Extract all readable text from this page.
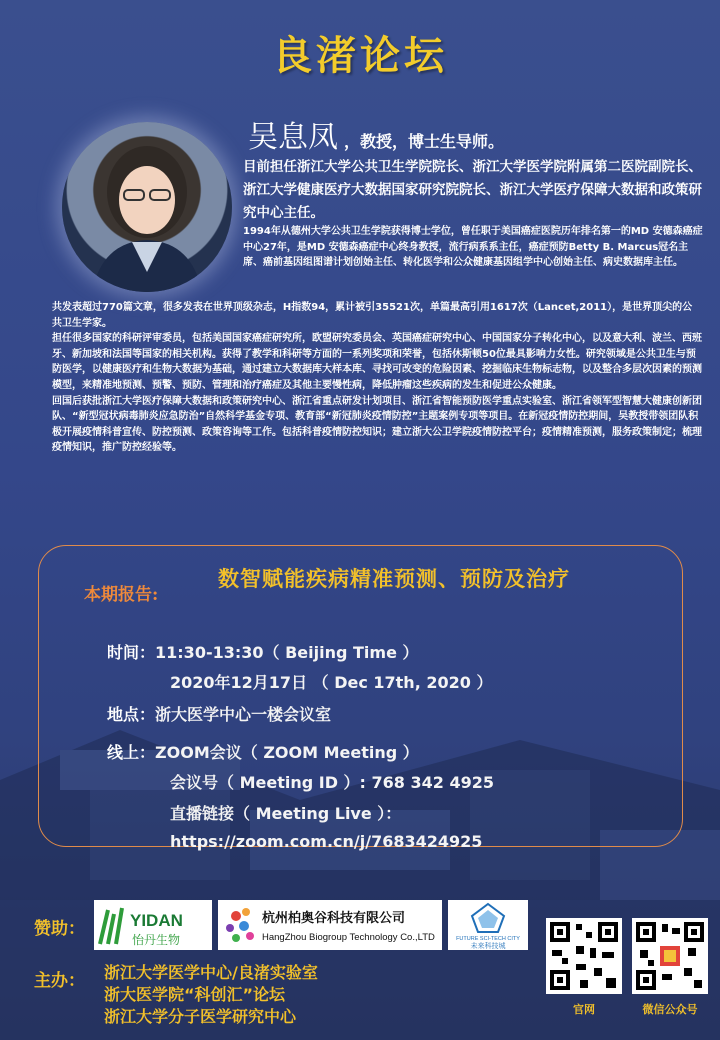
良渚论坛
吴息凤 ，教授，博士生导师。
目前担任浙江大学公共卫生学院院长、浙江大学医学院附属第二医院副院长、浙江大学健康医疗大数据国家研究院院长、浙江大学医疗保障大数据和政策研究中心主任。
1994年从德州大学公共卫生学院获得博士学位，曾任职于美国癌症医院历年排名第一的MD 安德森癌症中心27年，是MD 安德森癌症中心终身教授，流行病系系主任，癌症预防Betty B. Marcus冠名主席、癌前基因组图谱计划创始主任、转化医学和公众健康基因组学中心创始主任、病史数据库主任。

共发表超过770篇文章，很多发表在世界顶级杂志，H指数94，累计被引35521次，单篇最高引用1617次（Lancet,2011），是世界顶尖的公共卫生学家。

担任很多国家的科研评审委员，包括美国国家癌症研究所，欧盟研究委员会、英国癌症研究中心、中国国家分子转化中心，以及意大利、波兰、西班牙、新加坡和法国等国家的相关机构。获得了教学和科研等方面的一系列奖项和荣誉，包括休斯顿50位最具影响力女性。研究领域是公共卫生与预防医学，以健康医疗和生物大数据为基础，通过建立大数据库大样本库、寻找可改变的危险因素、挖掘临床生物标志物，以及整合多层次因素的预测模型，来精准地预测、预警、预防、管理和治疗癌症及其他主要慢性病，降低肿瘤这些疾病的发生和促进公众健康。

回国后获批浙江大学医疗保障大数据和政策研究中心、浙江省重点研发计划项目、浙江省智能预防医学重点实验室、浙江省领军型智慧大健康创新团队、“新型冠状病毒肺炎应急防治”自然科学基金专项、教育部“新冠肺炎疫情防控”主题案例专项等项目。在新冠疫情防控期间，吴教授带领团队积极开展疫情科普宣传、防控预测、政策咨询等工作。包括科普疫情防控知识；建立浙大公卫学院疫情防控平台；疫情精准预测，服务政策制定；梳理疫情知识，推广防控经验等。

本期报告:
数智赋能疾病精准预测、预防及治疗
时间：11:30-13:30（ Beijing Time ）
2020年12月17日 （ Dec 17th, 2020 ）
地点：浙大医学中心一楼会议室
线上：ZOOM会议（ ZOOM Meeting ）
会议号（ Meeting ID ）: 768 342 4925
直播链接（ Meeting Live ）：
https://zoom.com.cn/j/7683424925
赞助：	YIDAN
怡丹生物
杭州柏奥谷科技有限公司
HangZhou Biogroup Technology Co.,LTD	FUTURE SCI-TECH CITY
未来科技城
主办： 浙江大学医学中心/良渚实验室
浙大医学院“科创汇”论坛
浙江大学分子医学研究中心	官网	微信公众号
